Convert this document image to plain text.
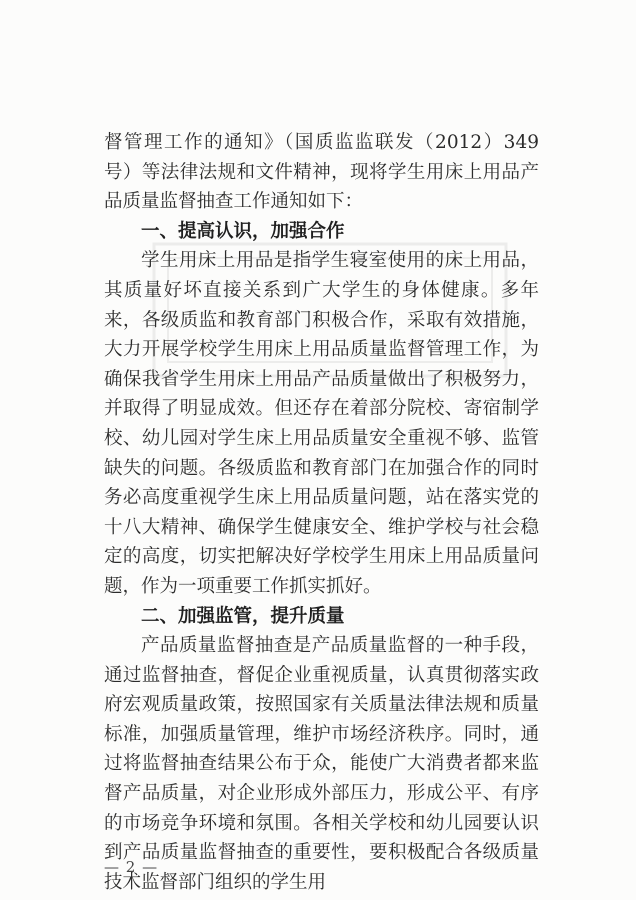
督管理工作的通知》（国质监监联发（2012）349 号）等法律法规和文件精神，现将学生用床上用品产品质量监督抽查工作通知如下：

一、提高认识，加强合作

学生用床上用品是指学生寝室使用的床上用品，其质量好坏直接关系到广大学生的身体健康。多年来，各级质监和教育部门积极合作，采取有效措施，大力开展学校学生用床上用品质量监督管理工作，为确保我省学生用床上用品产品质量做出了积极努力，并取得了明显成效。但还存在着部分院校、寄宿制学校、幼儿园对学生床上用品质量安全重视不够、监管缺失的问题。各级质监和教育部门在加强合作的同时务必高度重视学生床上用品质量问题，站在落实党的十八大精神、确保学生健康安全、维护学校与社会稳定的高度，切实把解决好学校学生用床上用品质量问题，作为一项重要工作抓实抓好。

二、加强监管，提升质量

产品质量监督抽查是产品质量监督的一种手段，通过监督抽查，督促企业重视质量，认真贯彻落实政府宏观质量政策，按照国家有关质量法律法规和质量标准，加强质量管理，维护市场经济秩序。同时，通过将监督抽查结果公布于众，能使广大消费者都来监督产品质量，对企业形成外部压力，形成公平、有序的市场竞争环境和氛围。各相关学校和幼儿园要认识到产品质量监督抽查的重要性，要积极配合各级质量技术监督部门组织的学生用

— 2 —
